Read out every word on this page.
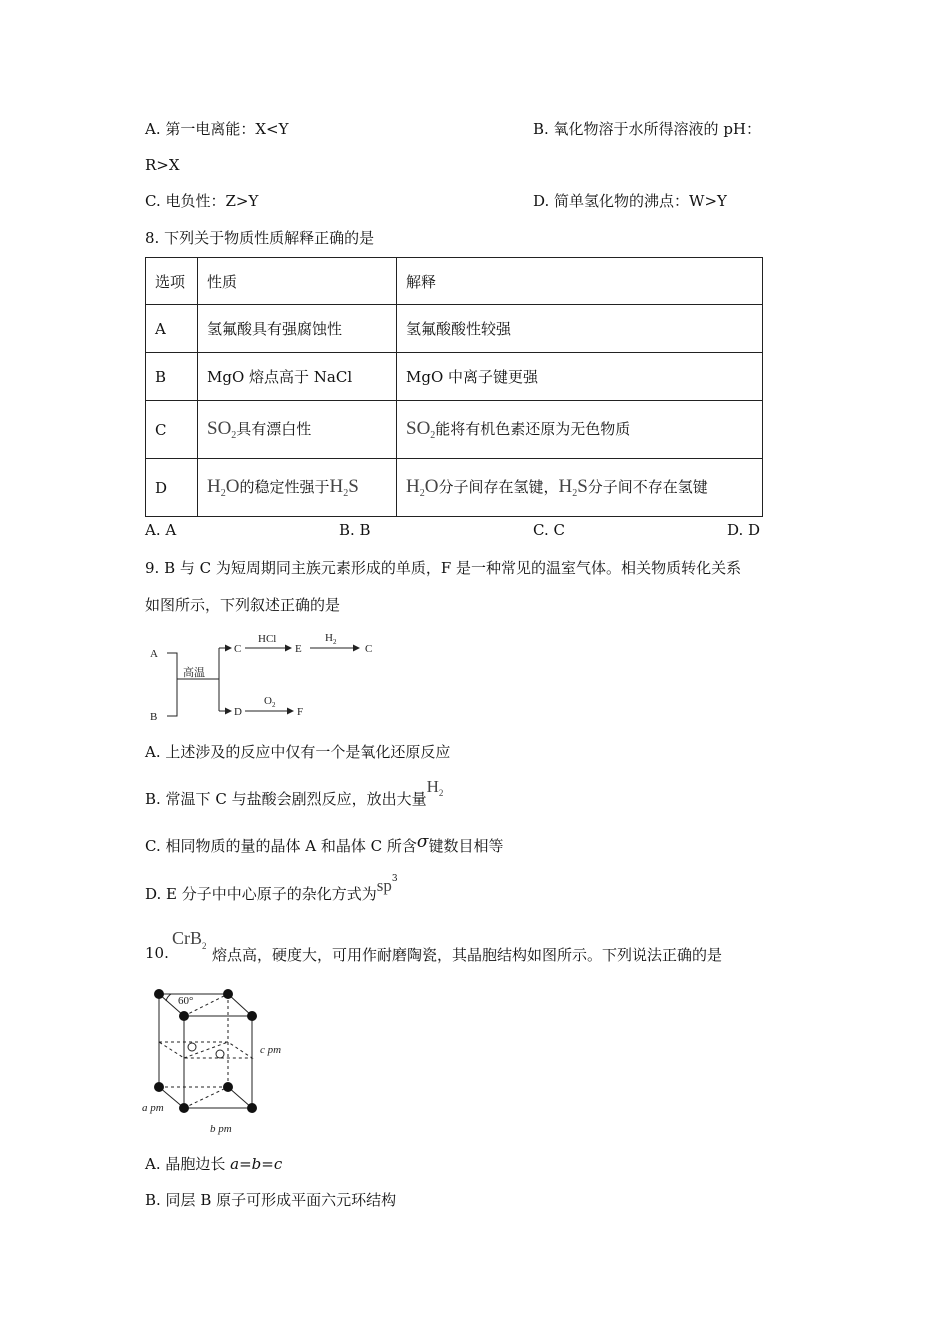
A. 第一电离能：X<Y	B. 氧化物溶于水所得溶液的 pH：
R>X
C. 电负性：Z>Y	D. 简单氢化物的沸点：W>Y
8. 下列关于物质性质解释正确的是
选项	性质	解释
A	氢氟酸具有强腐蚀性	氢氟酸酸性较强
B	MgO 熔点高于 NaCl	MgO 中离子键更强
C	$SO_2$具有漂白性	$SO_2$能将有机色素还原为无色物质
D	$H_2O$的稳定性强于$H_2S$	$H_2O$分子间存在氢键，$H_2S$分子间不存在氢键
A. A	B. B	C. C	D. D
9. B 与 C 为短周期同主族元素形成的单质，F 是一种常见的温室气体。相关物质转化关系
如图所示，下列叙述正确的是
A
B
高温
C
HCl
E
$H_2$
C
D
$O_2$
F
A. 上述涉及的反应中仅有一个是氧化还原反应
B. 常温下 C 与盐酸会剧烈反应，放出大量$H^2$
C. 相同物质的量的晶体 A 和晶体 C 所含σ键数目相等
D. E 分子中中心原子的杂化方式为$sp^3$
10.
CrB$_2$ 熔点高，硬度大，可用作耐磨陶瓷，其晶胞结构如图所示。下列说法正确的是
60°
c pm
a pm
b pm
A. 晶胞边长 a=b=c
B. 同层 B 原子可形成平面六元环结构
